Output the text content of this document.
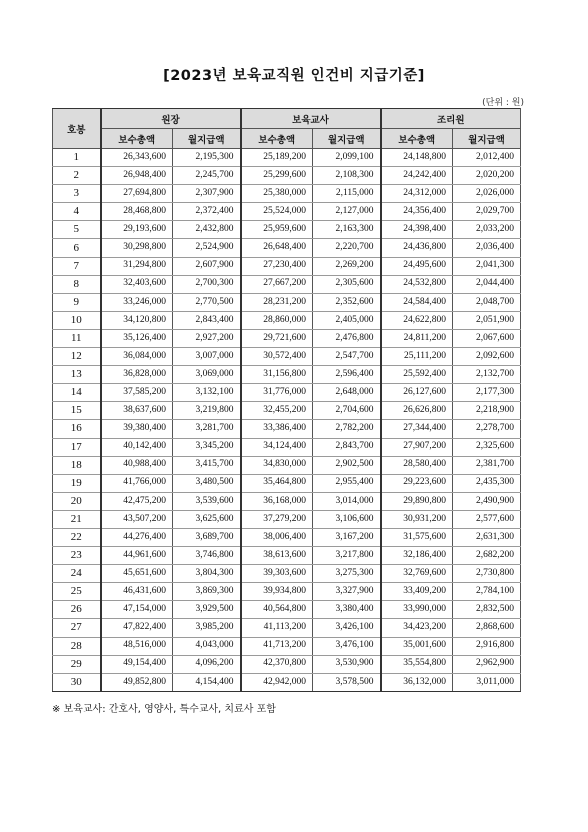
[2023년 보육교직원 인건비 지급기준]
(단위 : 원)
호봉	원장		보육교사		조리원	
	보수총액	월지급액	보수총액	월지급액	보수총액	월지급액
1	26,343,600	2,195,300	25,189,200	2,099,100	24,148,800	2,012,400
2	26,948,400	2,245,700	25,299,600	2,108,300	24,242,400	2,020,200
3	27,694,800	2,307,900	25,380,000	2,115,000	24,312,000	2,026,000
4	28,468,800	2,372,400	25,524,000	2,127,000	24,356,400	2,029,700
5	29,193,600	2,432,800	25,959,600	2,163,300	24,398,400	2,033,200
6	30,298,800	2,524,900	26,648,400	2,220,700	24,436,800	2,036,400
7	31,294,800	2,607,900	27,230,400	2,269,200	24,495,600	2,041,300
8	32,403,600	2,700,300	27,667,200	2,305,600	24,532,800	2,044,400
9	33,246,000	2,770,500	28,231,200	2,352,600	24,584,400	2,048,700
10	34,120,800	2,843,400	28,860,000	2,405,000	24,622,800	2,051,900
11	35,126,400	2,927,200	29,721,600	2,476,800	24,811,200	2,067,600
12	36,084,000	3,007,000	30,572,400	2,547,700	25,111,200	2,092,600
13	36,828,000	3,069,000	31,156,800	2,596,400	25,592,400	2,132,700
14	37,585,200	3,132,100	31,776,000	2,648,000	26,127,600	2,177,300
15	38,637,600	3,219,800	32,455,200	2,704,600	26,626,800	2,218,900
16	39,380,400	3,281,700	33,386,400	2,782,200	27,344,400	2,278,700
17	40,142,400	3,345,200	34,124,400	2,843,700	27,907,200	2,325,600
18	40,988,400	3,415,700	34,830,000	2,902,500	28,580,400	2,381,700
19	41,766,000	3,480,500	35,464,800	2,955,400	29,223,600	2,435,300
20	42,475,200	3,539,600	36,168,000	3,014,000	29,890,800	2,490,900
21	43,507,200	3,625,600	37,279,200	3,106,600	30,931,200	2,577,600
22	44,276,400	3,689,700	38,006,400	3,167,200	31,575,600	2,631,300
23	44,961,600	3,746,800	38,613,600	3,217,800	32,186,400	2,682,200
24	45,651,600	3,804,300	39,303,600	3,275,300	32,769,600	2,730,800
25	46,431,600	3,869,300	39,934,800	3,327,900	33,409,200	2,784,100
26	47,154,000	3,929,500	40,564,800	3,380,400	33,990,000	2,832,500
27	47,822,400	3,985,200	41,113,200	3,426,100	34,423,200	2,868,600
28	48,516,000	4,043,000	41,713,200	3,476,100	35,001,600	2,916,800
29	49,154,400	4,096,200	42,370,800	3,530,900	35,554,800	2,962,900
30	49,852,800	4,154,400	42,942,000	3,578,500	36,132,000	3,011,000
※ 보육교사: 간호사, 영양사, 특수교사, 치료사 포함
